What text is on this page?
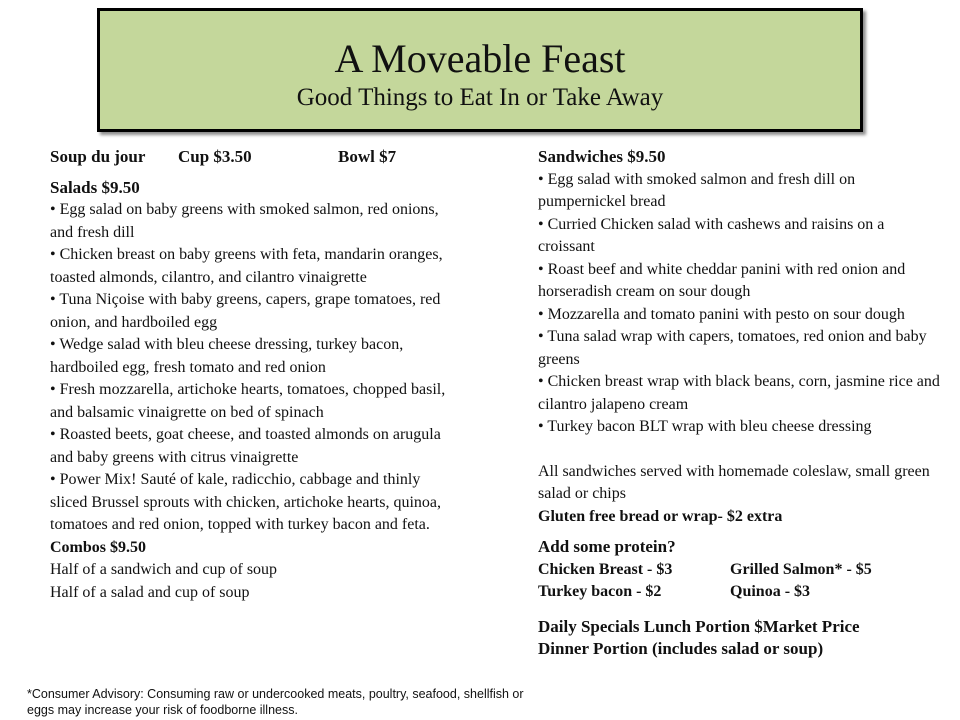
A Moveable Feast
Good Things to Eat In or Take Away
Soup du jour	Cup $3.50	Bowl $7
Salads $9.50
• Egg salad on baby greens with smoked salmon, red onions, and fresh dill
• Chicken breast on baby greens with feta, mandarin oranges, toasted almonds, cilantro, and cilantro vinaigrette
• Tuna Niçoise with baby greens, capers, grape tomatoes, red onion, and hardboiled egg
• Wedge salad with bleu cheese dressing, turkey bacon, hardboiled egg, fresh tomato and red onion
• Fresh mozzarella, artichoke hearts, tomatoes, chopped basil, and balsamic vinaigrette on bed of spinach
• Roasted beets, goat cheese, and toasted almonds on arugula and baby greens with citrus vinaigrette
• Power Mix! Sauté of kale, radicchio, cabbage and thinly sliced Brussel sprouts with chicken, artichoke hearts, quinoa, tomatoes and red onion, topped with turkey bacon and feta.
Combos $9.50
Half of a sandwich and cup of soup
Half of a salad and cup of soup
Sandwiches $9.50
• Egg salad with smoked salmon and fresh dill on pumpernickel bread
• Curried Chicken salad with cashews and raisins on a croissant
• Roast beef and white cheddar panini with red onion and horseradish cream on sour dough
• Mozzarella and tomato panini with pesto on sour dough
• Tuna salad wrap with capers, tomatoes, red onion and baby greens
• Chicken breast wrap with black beans, corn, jasmine rice and cilantro jalapeno cream
• Turkey bacon BLT wrap with bleu cheese dressing
All sandwiches served with homemade coleslaw, small green salad or chips
Gluten free bread or wrap- $2 extra
Add some protein?
Chicken Breast - $3	Grilled Salmon* - $5
Turkey bacon - $2	Quinoa - $3
Daily Specials Lunch Portion $Market Price
Dinner Portion (includes salad or soup)
*Consumer Advisory: Consuming raw or undercooked meats, poultry, seafood, shellfish or eggs may increase your risk of foodborne illness.
